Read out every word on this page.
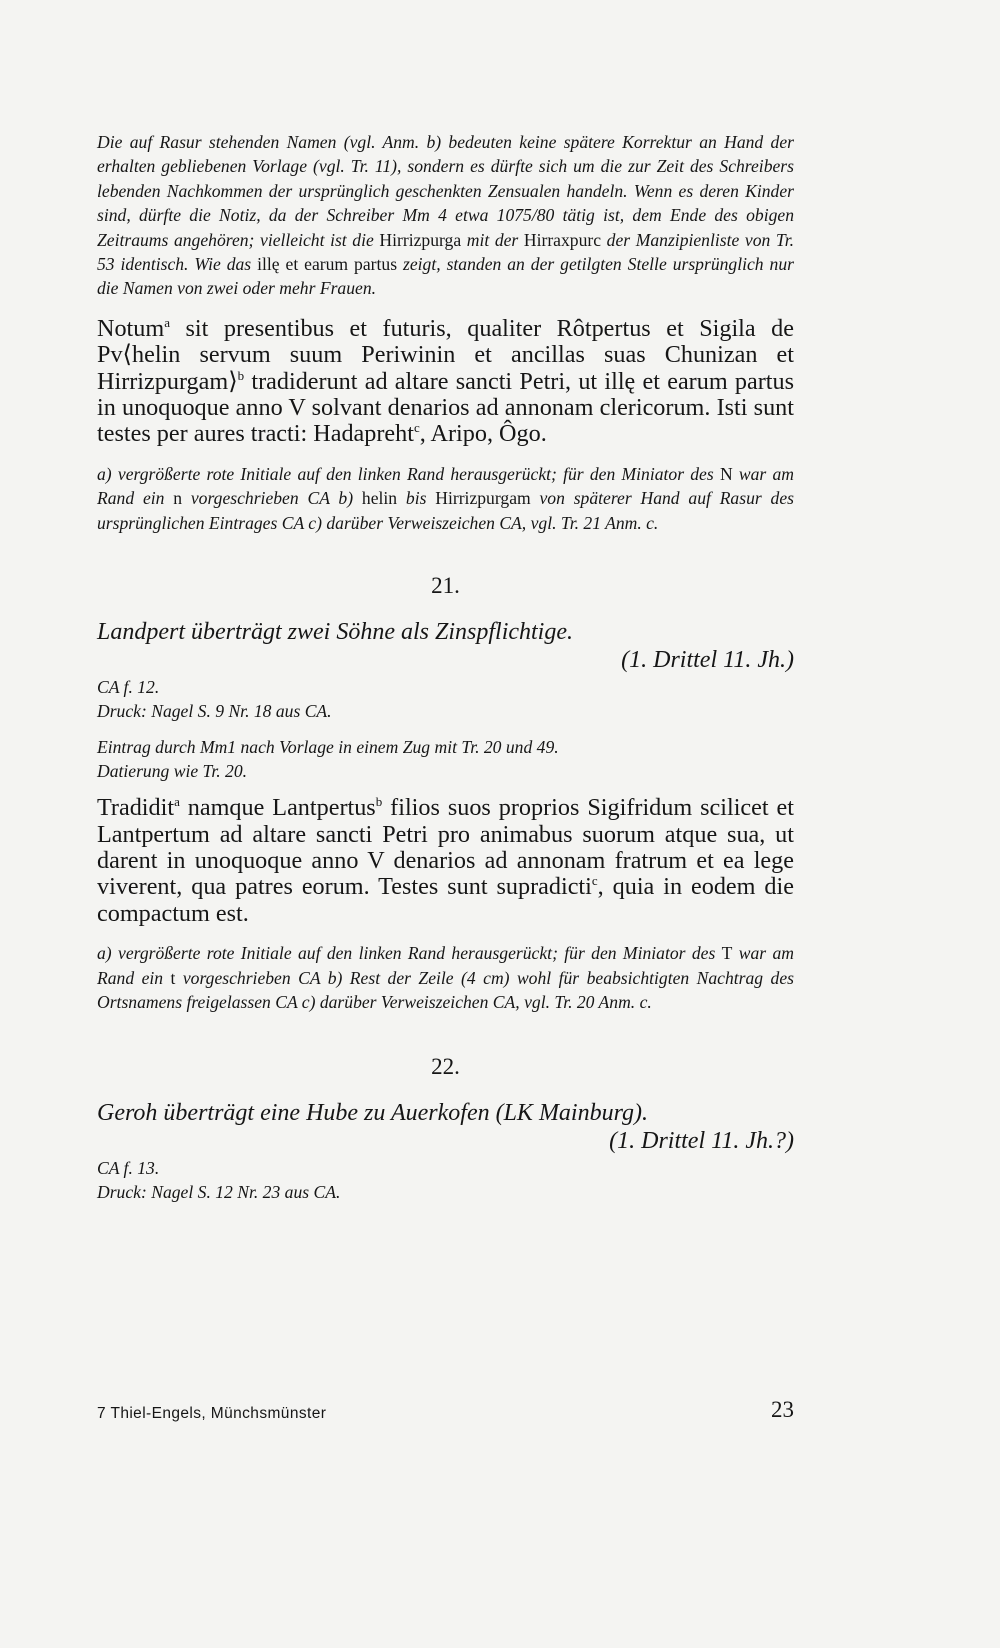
Die auf Rasur stehenden Namen (vgl. Anm. b) bedeuten keine spätere Korrektur an Hand der erhalten gebliebenen Vorlage (vgl. Tr. 11), sondern es dürfte sich um die zur Zeit des Schreibers lebenden Nachkommen der ursprünglich geschenkten Zensualen handeln. Wenn es deren Kinder sind, dürfte die Notiz, da der Schreiber Mm 4 etwa 1075/80 tätig ist, dem Ende des obigen Zeitraums angehören; vielleicht ist die Hirrizpurga mit der Hirraxpurc der Manzipienliste von Tr. 53 identisch. Wie das illę et earum partus zeigt, standen an der getilgten Stelle ursprünglich nur die Namen von zwei oder mehr Frauen.

Notum$^a$ sit presentibus et futuris, qualiter Rôtpertus et Sigila de Pv⟨helin servum suum Periwinin et ancillas suas Chunizan et Hirrizpurgam⟩$^b$ tradiderunt ad altare sancti Petri, ut illę et earum partus in unoquoque anno V solvant denarios ad annonam clericorum. Isti sunt testes per aures tracti: Hadapreht$^c$, Aripo, Ôgo.

a) vergrößerte rote Initiale auf den linken Rand herausgerückt; für den Miniator des N war am Rand ein n vorgeschrieben CA b) helin bis Hirrizpurgam von späterer Hand auf Rasur des ursprünglichen Eintrages CA c) darüber Verweiszeichen CA, vgl. Tr. 21 Anm. c.

21.

Landpert überträgt zwei Söhne als Zinspflichtige.

(1. Drittel 11. Jh.)

CA f. 12.

Druck: Nagel S. 9 Nr. 18 aus CA.

Eintrag durch Mm1 nach Vorlage in einem Zug mit Tr. 20 und 49.

Datierung wie Tr. 20.

Tradidit$^a$ namque Lantpertus$^b$ filios suos proprios Sigifridum scilicet et Lantpertum ad altare sancti Petri pro animabus suorum atque sua, ut darent in unoquoque anno V denarios ad annonam fratrum et ea lege viverent, qua patres eorum. Testes sunt supradicti$^c$, quia in eodem die compactum est.

a) vergrößerte rote Initiale auf den linken Rand herausgerückt; für den Miniator des T war am Rand ein t vorgeschrieben CA b) Rest der Zeile (4 cm) wohl für beabsichtigten Nachtrag des Ortsnamens freigelassen CA c) darüber Verweiszeichen CA, vgl. Tr. 20 Anm. c.

22.

Geroh überträgt eine Hube zu Auerkofen (LK Mainburg).

(1. Drittel 11. Jh.?)

CA f. 13.

Druck: Nagel S. 12 Nr. 23 aus CA.

7 Thiel-Engels, Münchsmünster	23
